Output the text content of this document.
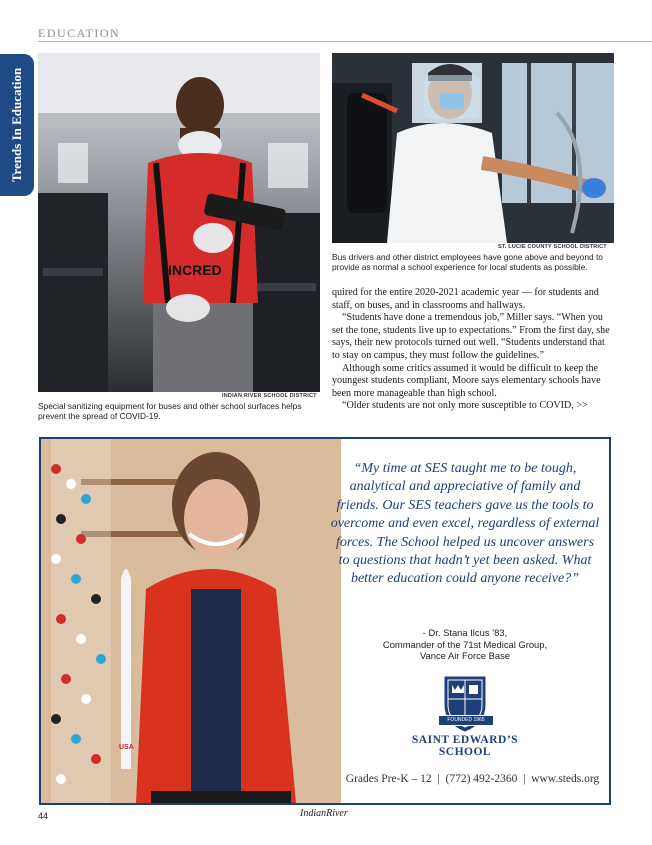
EDUCATION
Trends In Education
INCRED
INDIAN RIVER SCHOOL DISTRICT
Special sanitizing equipment for buses and other school surfaces helps prevent the spread of COVID-19.
ST. LUCIE COUNTY SCHOOL DISTRICT
Bus drivers and other district employees have gone above and beyond to provide as normal a school experience for local students as possible.

quired for the entire 2020-2021 academic year — for students and staff, on buses, and in classrooms and hallways.

“Students have done a tremendous job,” Miller says. “When you set the tone, students live up to expectations.” From the first day, she says, their new protocols turned out well. “Students understand that to stay on campus, they must follow the guidelines.”

Although some critics assumed it would be difficult to keep the youngest students compliant, Moore says elementary schools have been more manageable than high school.

“Older students are not only more susceptible to COVID, >>

USA
“My time at SES taught me to be tough, analytical and appreciative of family and friends. Our SES teachers gave us the tools to overcome and even excel, regardless of external forces. The School helped us uncover answers to questions that hadn’t yet been asked. What better education could anyone receive?”
- Dr. Stana Ilcus ’83,
Commander of the 71st Medical Group,
Vance Air Force Base
FOUNDED 1965
SAINT EDWARD’S
SCHOOL
Grades Pre-K – 12  |  (772) 492-2360  |  www.steds.org
44	IndianRiver
